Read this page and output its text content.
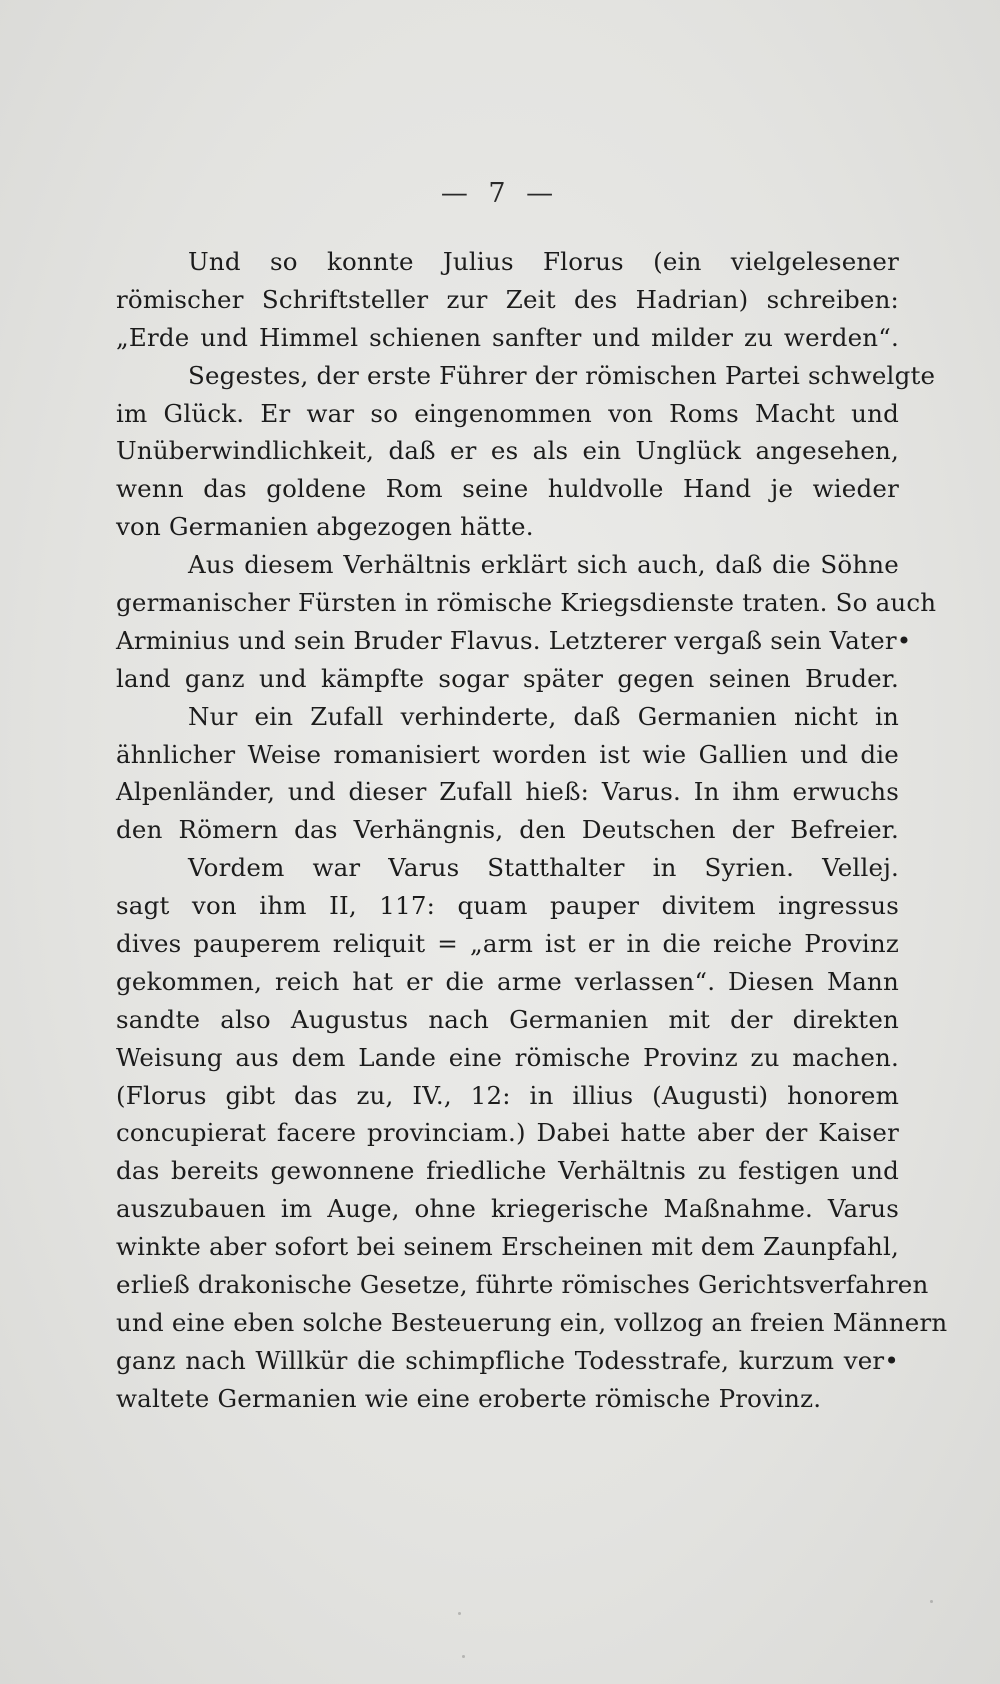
— 7 —
Und so konnte Julius Florus (ein vielgelesener
römischer Schriftsteller zur Zeit des Hadrian) schreiben:
„Erde und Himmel schienen sanfter und milder zu werden“.
Segestes, der erste Führer der römischen Partei schwelgte
im Glück. Er war so eingenommen von Roms Macht und
Unüberwindlichkeit, daß er es als ein Unglück angesehen,
wenn das goldene Rom seine huldvolle Hand je wieder
von Germanien abgezogen hätte.
Aus diesem Verhältnis erklärt sich auch, daß die Söhne
germanischer Fürsten in römische Kriegsdienste traten. So auch
Arminius und sein Bruder Flavus. Letzterer vergaß sein Vater•
land ganz und kämpfte sogar später gegen seinen Bruder.
Nur ein Zufall verhinderte, daß Germanien nicht in
ähnlicher Weise romanisiert worden ist wie Gallien und die
Alpenländer, und dieser Zufall hieß: Varus. In ihm erwuchs
den Römern das Verhängnis, den Deutschen der Befreier.
Vordem war Varus Statthalter in Syrien. Vellej.
sagt von ihm II, 117: quam pauper divitem ingressus
dives pauperem reliquit = „arm ist er in die reiche Provinz
gekommen, reich hat er die arme verlassen“. Diesen Mann
sandte also Augustus nach Germanien mit der direkten
Weisung aus dem Lande eine römische Provinz zu machen.
(Florus gibt das zu, IV., 12: in illius (Augusti) honorem
concupierat facere provinciam.) Dabei hatte aber der Kaiser
das bereits gewonnene friedliche Verhältnis zu festigen und
auszubauen im Auge, ohne kriegerische Maßnahme. Varus
winkte aber sofort bei seinem Erscheinen mit dem Zaunpfahl,
erließ drakonische Gesetze, führte römisches Gerichtsverfahren
und eine eben solche Besteuerung ein, vollzog an freien Männern
ganz nach Willkür die schimpfliche Todesstrafe, kurzum ver•
waltete Germanien wie eine eroberte römische Provinz.
